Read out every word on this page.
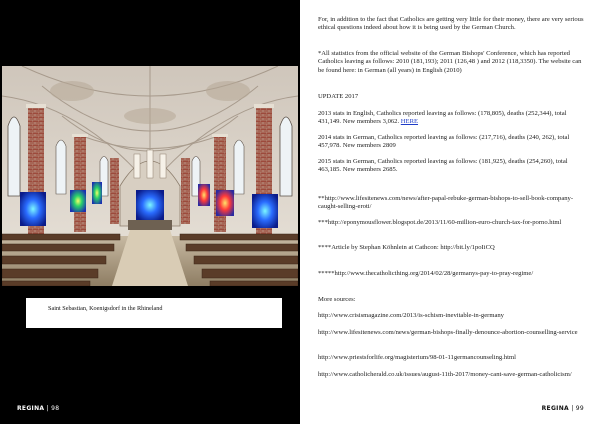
Saint Sebastian, Koenigsdorf in the Rhineland
REGINA | 98

For, in addition to the fact that Catholics are getting very little for their money, there are very serious ethical questions indeed about how it is being used by the German Church.

*All statistics from the official website of the German Bishops' Conference, which has reported Catholics leaving as follows: 2010 (181,193); 2011 (126,48 ) and 2012 (118,3350). The website can be found here: in German (all years) in English (2010)

UPDATE 2017

2013 stats in English, Catholics reported leaving as follows: (178,805), deaths (252,344), total 431,149. New members 3,062. HERE

2014 stats in German, Catholics reported leaving as follows: (217,716), deaths (240, 262), total 457,978. New members 2809

2015 stats in German, Catholics reported leaving as follows: (181,925), deaths (254,260), total 463,185. New members 2685.

**http://www.lifesitenews.com/news/after-papal-rebuke-german-bishops-to-sell-book-company-caught-selling-eroti/

***http://eponymousflower.blogspot.de/2013/11/60-million-euro-church-tax-for-porno.html

****Article by Stephan Köhnlein at Cathcon: http://bit.ly/1poIiCQ

*****http://www.thecatholicthing.org/2014/02/28/germanys-pay-to-pray-regime/

More sources:

http://www.crisismagazine.com/2013/is-schism-inevitable-in-germany

http://www.lifesitenews.com/news/german-bishops-finally-denounce-abortion-counselling-service

http://www.priestsforlife.org/magisterium/98-01-11germancounseling.html

http://www.catholicherald.co.uk/issues/august-11th-2017/money-cant-save-german-catholicism/

REGINA | 99
